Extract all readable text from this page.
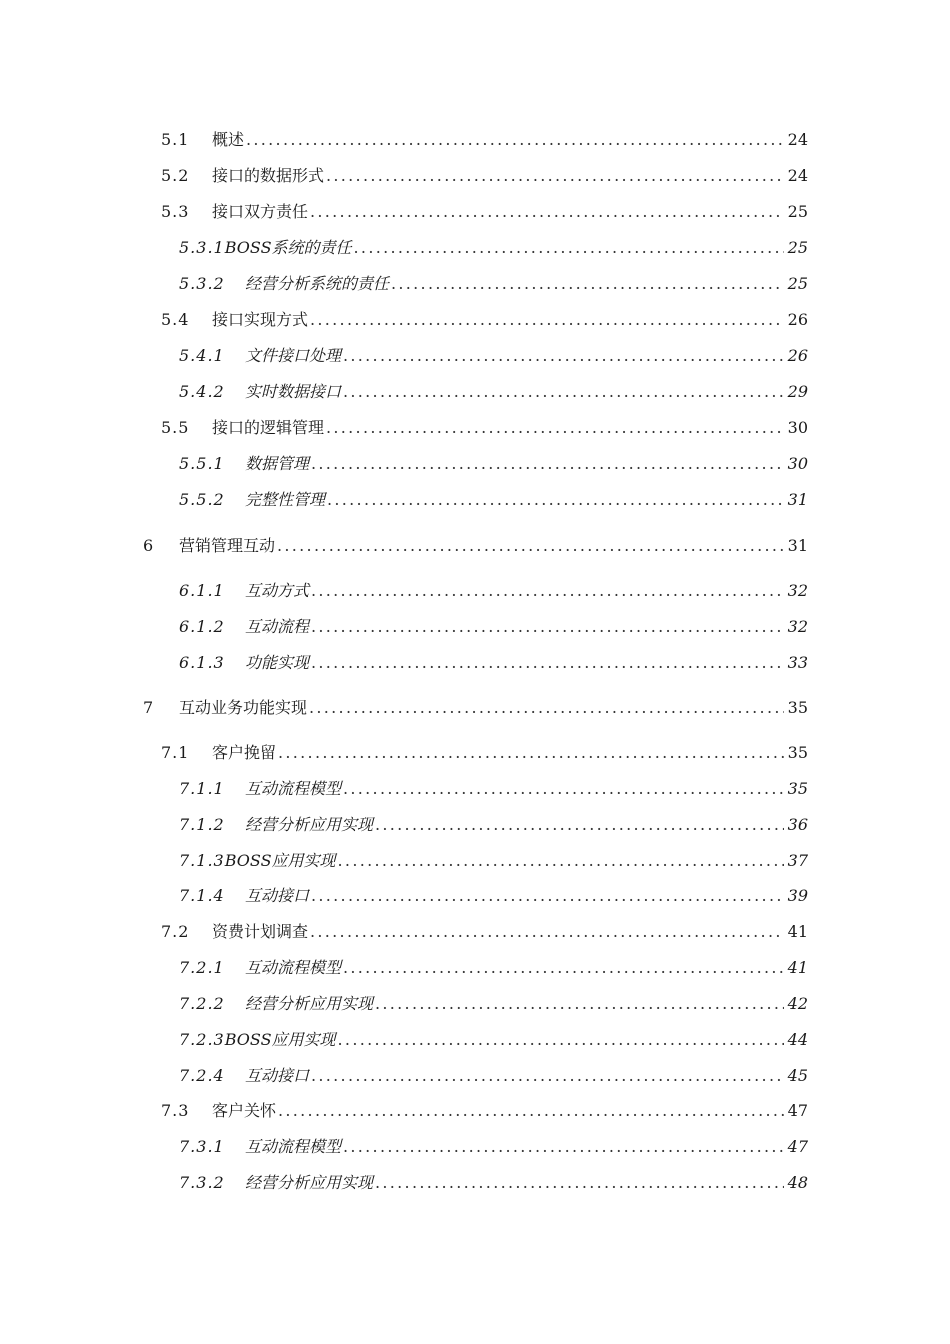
5.1	概述 .....	24
5.2	接口的数据形式 .....	24
5.3	接口双方责任 .....	25
5.3.1 BOSS系统的责任 .....	25
5.3.2	经营分析系统的责任 .....	25
5.4	接口实现方式 .....	26
5.4.1	文件接口处理 .....	26
5.4.2	实时数据接口 .....	29
5.5	接口的逻辑管理 .....	30
5.5.1	数据管理 .....	30
5.5.2	完整性管理 .....	31
6	营销管理互动 .....	31
6.1.1	互动方式 .....	32
6.1.2	互动流程 .....	32
6.1.3	功能实现 .....	33
7	互动业务功能实现 .....	35
7.1	客户挽留 .....	35
7.1.1	互动流程模型 .....	35
7.1.2	经营分析应用实现 .....	36
7.1.3 BOSS应用实现 .....	37
7.1.4	互动接口 .....	39
7.2	资费计划调查 .....	41
7.2.1	互动流程模型 .....	41
7.2.2	经营分析应用实现 .....	42
7.2.3 BOSS应用实现 .....	44
7.2.4	互动接口 .....	45
7.3	客户关怀 .....	47
7.3.1	互动流程模型 .....	47
7.3.2	经营分析应用实现 .....	48
